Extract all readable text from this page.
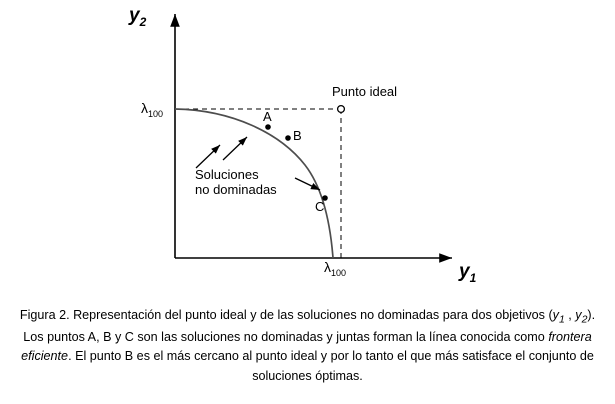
$y_2$
$y_1$
$\lambda_{100}$
$\lambda_{100}$
Punto ideal
A
B
C
Soluciones
no dominadas
Figura 2. Representación del punto ideal y de las soluciones no dominadas para dos objetivos ($y_1$ , $y_2$). Los puntos A, B y C son las soluciones no dominadas y juntas forman la línea conocida como frontera eficiente. El punto B es el más cercano al punto ideal y por lo tanto el que más satisface el conjunto de soluciones óptimas.
